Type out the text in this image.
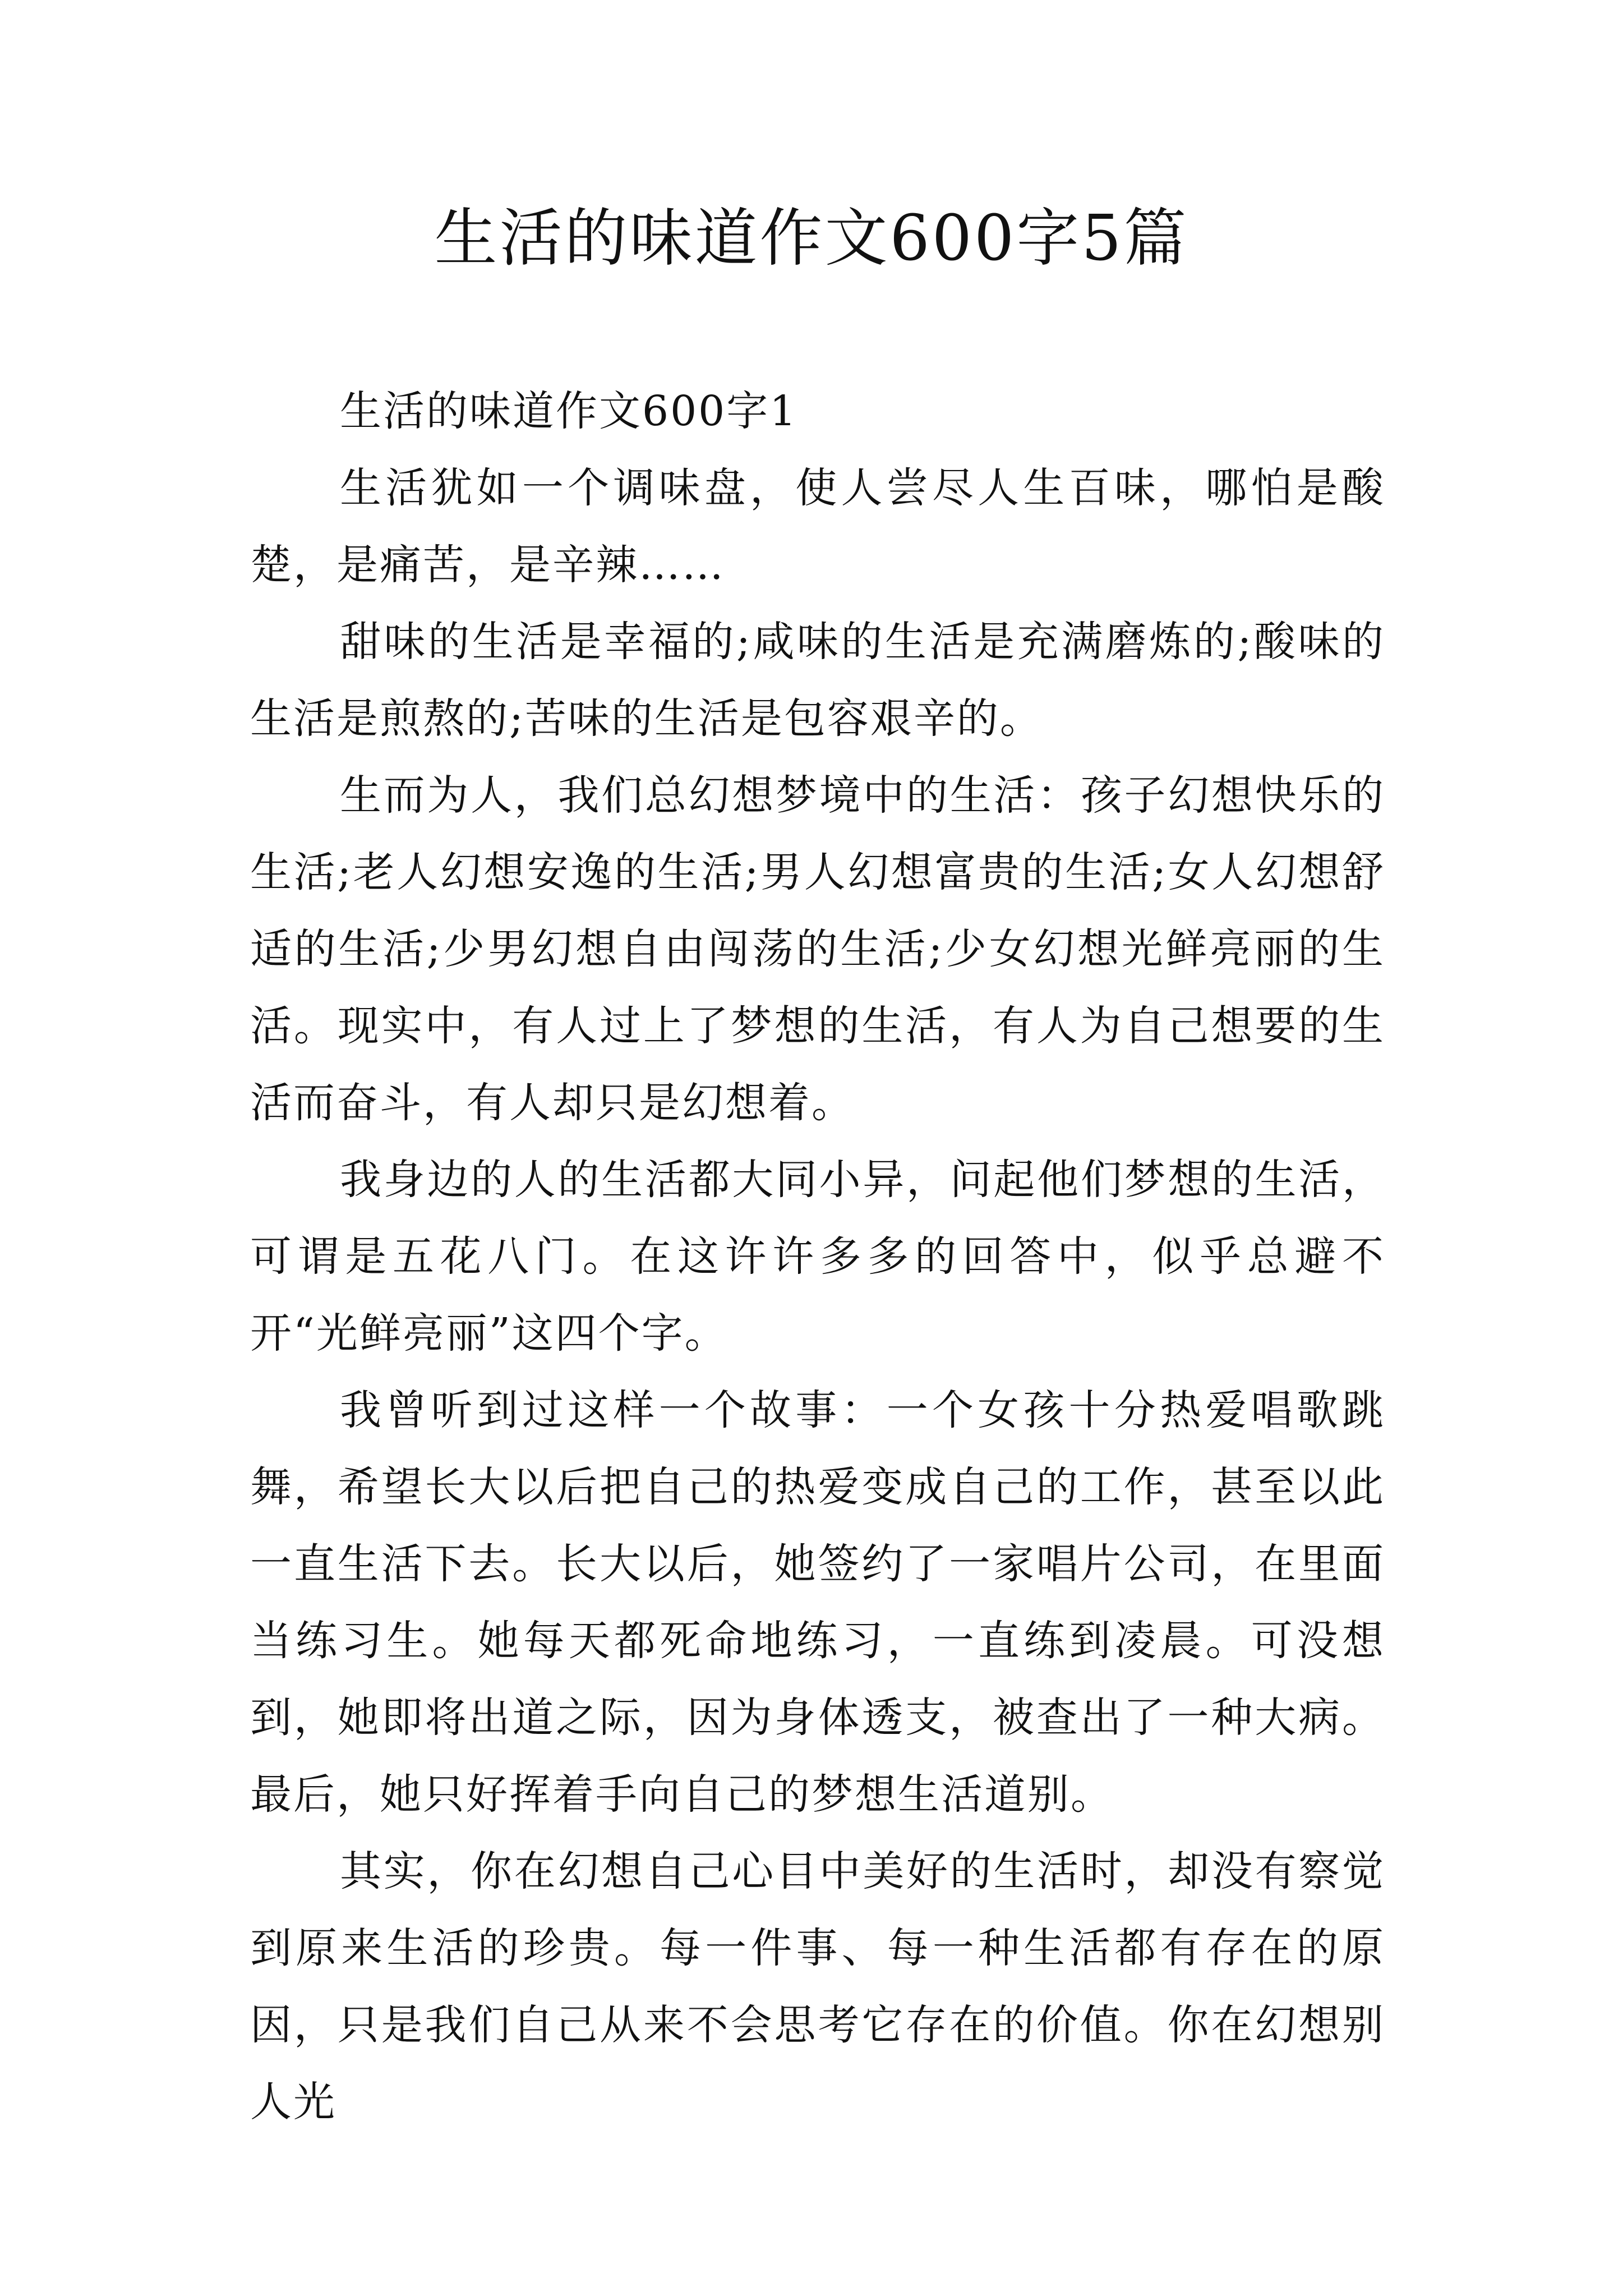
生活的味道作文600字5篇

生活的味道作文600字1

生活犹如一个调味盘，使人尝尽人生百味，哪怕是酸楚，是痛苦，是辛辣……

甜味的生活是幸福的;咸味的生活是充满磨炼的;酸味的生活是煎熬的;苦味的生活是包容艰辛的。

生而为人，我们总幻想梦境中的生活：孩子幻想快乐的生活;老人幻想安逸的生活;男人幻想富贵的生活;女人幻想舒适的生活;少男幻想自由闯荡的生活;少女幻想光鲜亮丽的生活。现实中，有人过上了梦想的生活，有人为自己想要的生活而奋斗，有人却只是幻想着。

我身边的人的生活都大同小异，问起他们梦想的生活，可谓是五花八门。在这许许多多的回答中，似乎总避不开“光鲜亮丽”这四个字。

我曾听到过这样一个故事：一个女孩十分热爱唱歌跳舞，希望长大以后把自己的热爱变成自己的工作，甚至以此一直生活下去。长大以后，她签约了一家唱片公司，在里面当练习生。她每天都死命地练习，一直练到凌晨。可没想到，她即将出道之际，因为身体透支，被查出了一种大病。最后，她只好挥着手向自己的梦想生活道别。

其实，你在幻想自己心目中美好的生活时，却没有察觉到原来生活的珍贵。每一件事、每一种生活都有存在的原因，只是我们自己从来不会思考它存在的价值。你在幻想别人光
